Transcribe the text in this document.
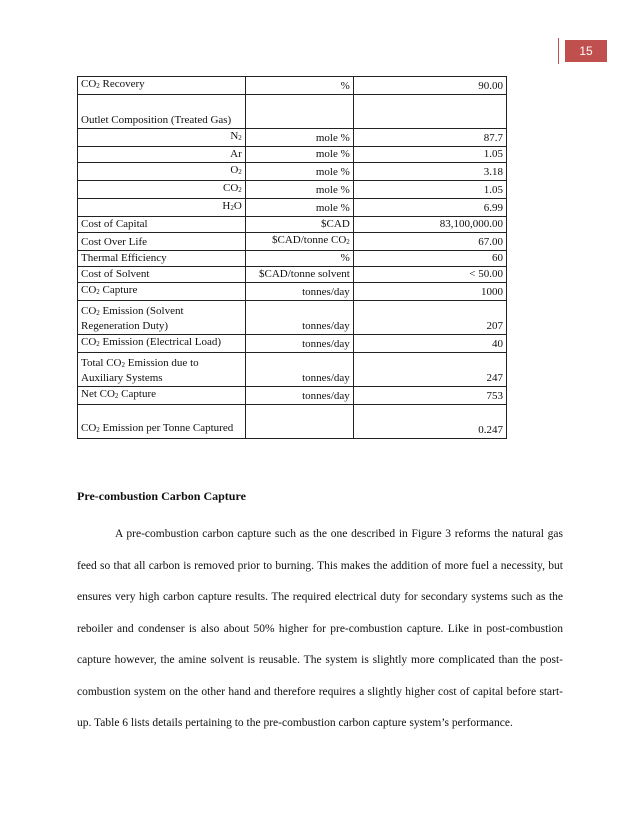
15
$CO_2$ Recovery	%	90.00
Outlet Composition (Treated Gas)		
$N_2$	mole %	87.7
Ar	mole %	1.05
$O_2$	mole %	3.18
$CO_2$	mole %	1.05
$H_2O$	mole %	6.99
Cost of Capital	$CAD	83,100,000.00
Cost Over Life	$CAD/tonne $CO_2$	67.00
Thermal Efficiency	%	60
Cost of Solvent	$CAD/tonne solvent	< 50.00
$CO_2$ Capture	tonnes/day	1000
$CO_2$ Emission (Solvent Regeneration Duty)	tonnes/day	207
$CO_2$ Emission (Electrical Load)	tonnes/day	40
Total $CO_2$ Emission due to Auxiliary Systems	tonnes/day	247
Net $CO_2$ Capture	tonnes/day	753
$CO_2$ Emission per Tonne Captured		0.247
Pre-combustion Carbon Capture
A pre-combustion carbon capture such as the one described in Figure 3 reforms the natural gas feed so that all carbon is removed prior to burning. This makes the addition of more fuel a necessity, but ensures very high carbon capture results. The required electrical duty for secondary systems such as the reboiler and condenser is also about 50% higher for pre-combustion capture. Like in post-combustion capture however, the amine solvent is reusable. The system is slightly more complicated than the post-combustion system on the other hand and therefore requires a slightly higher cost of capital before start-up. Table 6 lists details pertaining to the pre-combustion carbon capture system’s performance.
